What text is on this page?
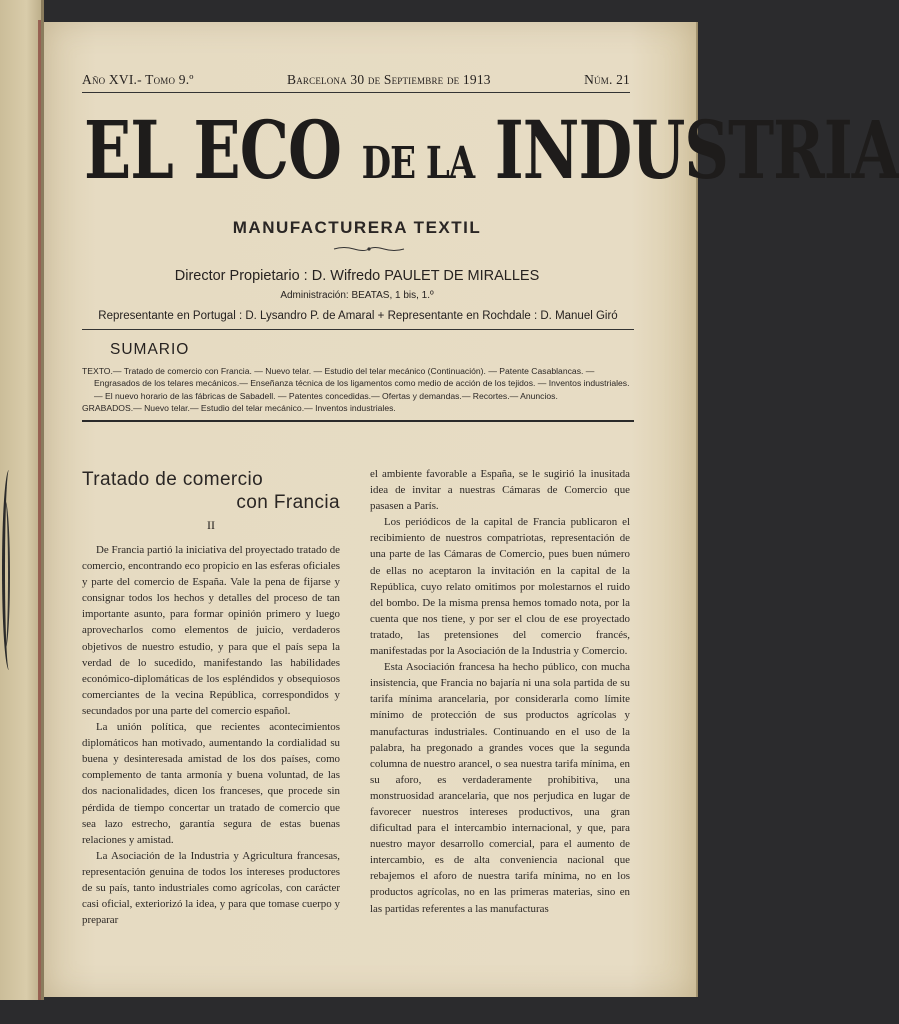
Año XVI.- Tomo 9.º	Barcelona 30 de Septiembre de 1913	Núm. 21
EL ECO DE LA INDUSTRIA
MANUFACTURERA TEXTIL
Director Propietario : D. Wifredo PAULET DE MIRALLES
Administración: BEATAS, 1 bis, 1.º
Representante en Portugal : D. Lysandro P. de Amaral + Representante en Rochdale : D. Manuel Giró
SUMARIO

TEXTO.— Tratado de comercio con Francia. — Nuevo telar. — Estudio del telar mecánico (Continuación). — Patente Casablancas. — Engrasados de los telares mecánicos.— Enseñanza técnica de los ligamentos como medio de acción de los tejidos. — Inventos industriales. — El nuevo horario de las fábricas de Sabadell. — Patentes concedidas.— Ofertas y demandas.— Recortes.— Anuncios.

GRABADOS.— Nuevo telar.— Estudio del telar mecánico.— Inventos industriales.

Tratado de comercio
con Francia
II

De Francia partió la iniciativa del proyectado tratado de comercio, encontrando eco propicio en las esferas oficiales y parte del comercio de España. Vale la pena de fijarse y consignar todos los hechos y detalles del proceso de tan importante asunto, para formar opinión primero y luego aprovecharlos como elementos de juicio, verdaderos objetivos de nuestro estudio, y para que el país sepa la verdad de lo sucedido, manifestando las habilidades económico-diplomáticas de los espléndidos y obsequiosos comerciantes de la vecina República, correspondidos y secundados por una parte del comercio español.

La unión política, que recientes acontecimientos diplomáticos han motivado, aumentando la cordialidad su buena y desinteresada amistad de los dos países, como complemento de tanta armonía y buena voluntad, de las dos nacionalidades, dicen los franceses, que procede sin pérdida de tiempo concertar un tratado de comercio que sea lazo estrecho, garantía segura de estas buenas relaciones y amistad.

La Asociación de la Industria y Agricultura francesas, representación genuina de todos los intereses productores de su país, tanto industriales como agrícolas, con carácter casi oficial, exteriorizó la idea, y para que tomase cuerpo y preparar

el ambiente favorable a España, se le sugirió la inusitada idea de invitar a nuestras Cámaras de Comercio que pasasen a París.

Los periódicos de la capital de Francia publicaron el recibimiento de nuestros compatriotas, representación de una parte de las Cámaras de Comercio, pues buen número de ellas no aceptaron la invitación en la capital de la República, cuyo relato omitimos por molestarnos el ruido del bombo. De la misma prensa hemos tomado nota, por la cuenta que nos tiene, y por ser el clou de ese proyectado tratado, las pretensiones del comercio francés, manifestadas por la Asociación de la Industria y Comercio.

Esta Asociación francesa ha hecho público, con mucha insistencia, que Francia no bajaría ni una sola partida de su tarifa mínima arancelaria, por considerarla como límite mínimo de protección de sus productos agrícolas y manufacturas industriales. Continuando en el uso de la palabra, ha pregonado a grandes voces que la segunda columna de nuestro arancel, o sea nuestra tarifa mínima, en su aforo, es verdaderamente prohibitiva, una monstruosidad arancelaria, que nos perjudica en lugar de favorecer nuestros intereses productivos, una gran dificultad para el intercambio internacional, y que, para nuestro mayor desarrollo comercial, para el aumento de intercambio, es de alta conveniencia nacional que rebajemos el aforo de nuestra tarifa mínima, no en los productos agrícolas, no en las primeras materias, sino en las partidas referentes a las manufacturas
